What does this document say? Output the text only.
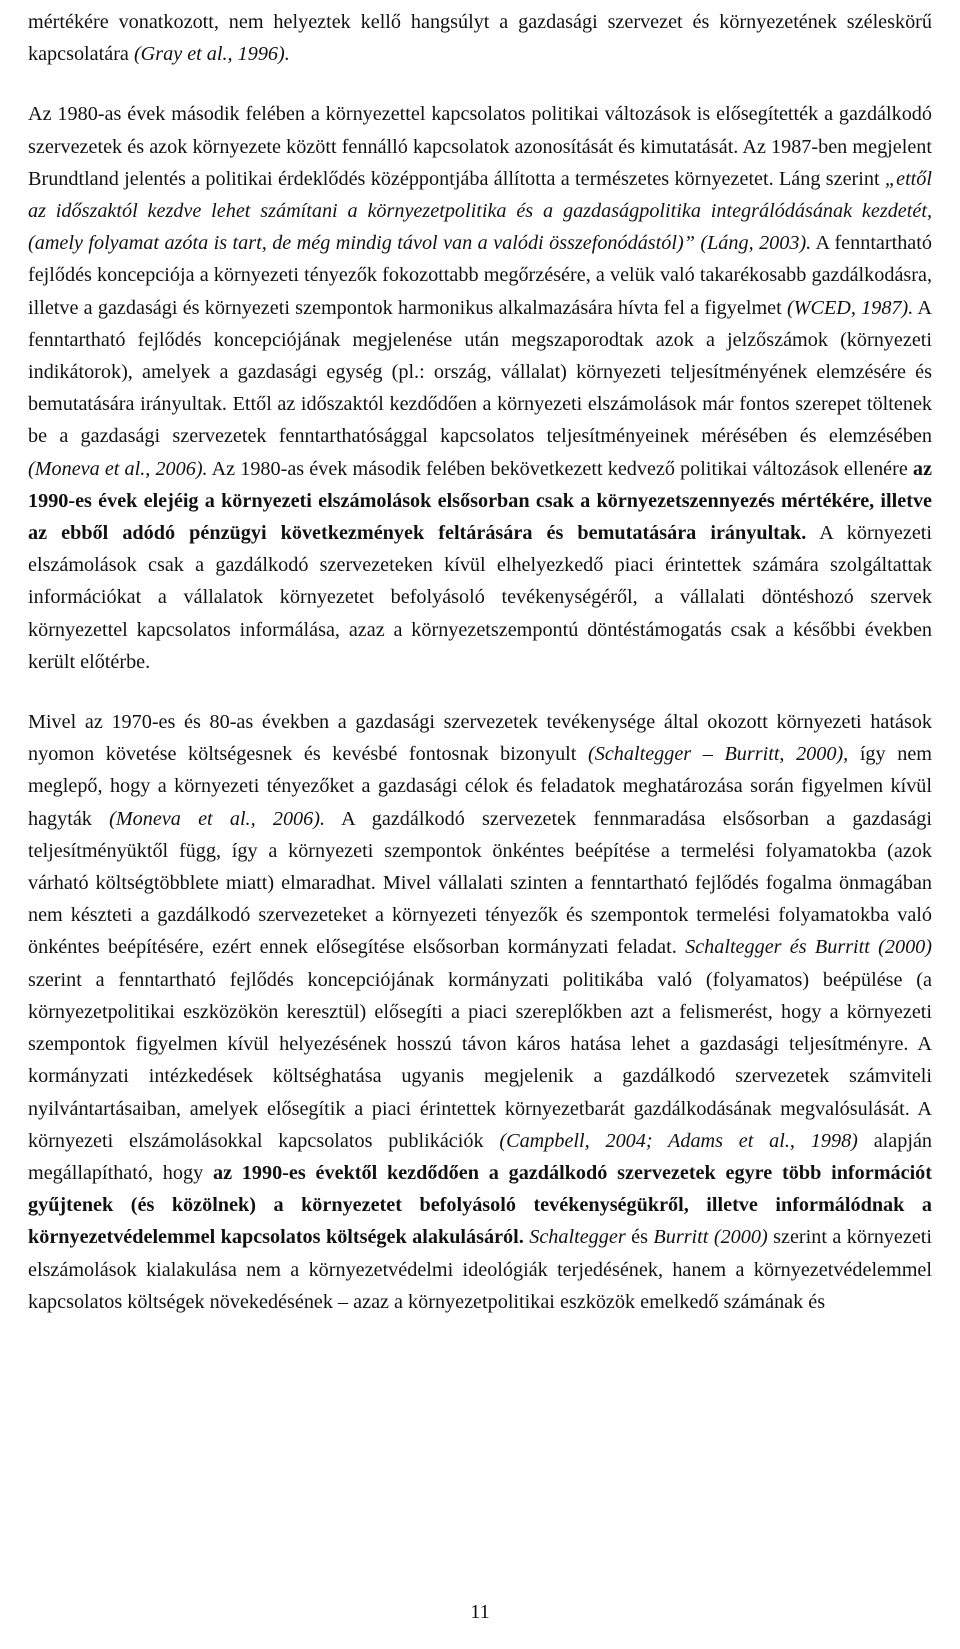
mértékére vonatkozott, nem helyeztek kellő hangsúlyt a gazdasági szervezet és környezetének széleskörű kapcsolatára (Gray et al., 1996).

Az 1980-as évek második felében a környezettel kapcsolatos politikai változások is elősegítették a gazdálkodó szervezetek és azok környezete között fennálló kapcsolatok azonosítását és kimutatását. Az 1987-ben megjelent Brundtland jelentés a politikai érdeklődés középpontjába állította a természetes környezetet. Láng szerint „ettől az időszaktól kezdve lehet számítani a környezetpolitika és a gazdaságpolitika integrálódásának kezdetét, (amely folyamat azóta is tart, de még mindig távol van a valódi összefonódástól)” (Láng, 2003). A fenntartható fejlődés koncepciója a környezeti tényezők fokozottabb megőrzésére, a velük való takarékosabb gazdálkodásra, illetve a gazdasági és környezeti szempontok harmonikus alkalmazására hívta fel a figyelmet (WCED, 1987). A fenntartható fejlődés koncepciójának megjelenése után megszaporodtak azok a jelzőszámok (környezeti indikátorok), amelyek a gazdasági egység (pl.: ország, vállalat) környezeti teljesítményének elemzésére és bemutatására irányultak. Ettől az időszaktól kezdődően a környezeti elszámolások már fontos szerepet töltenek be a gazdasági szervezetek fenntarthatósággal kapcsolatos teljesítményeinek mérésében és elemzésében (Moneva et al., 2006). Az 1980-as évek második felében bekövetkezett kedvező politikai változások ellenére az 1990-es évek elejéig a környezeti elszámolások elsősorban csak a környezetszennyezés mértékére, illetve az ebből adódó pénzügyi következmények feltárására és bemutatására irányultak. A környezeti elszámolások csak a gazdálkodó szervezeteken kívül elhelyezkedő piaci érintettek számára szolgáltattak információkat a vállalatok környezetet befolyásoló tevékenységéről, a vállalati döntéshozó szervek környezettel kapcsolatos informálása, azaz a környezetszempontú döntéstámogatás csak a későbbi években került előtérbe.

Mivel az 1970-es és 80-as években a gazdasági szervezetek tevékenysége által okozott környezeti hatások nyomon követése költségesnek és kevésbé fontosnak bizonyult (Schaltegger – Burritt, 2000), így nem meglepő, hogy a környezeti tényezőket a gazdasági célok és feladatok meghatározása során figyelmen kívül hagyták (Moneva et al., 2006). A gazdálkodó szervezetek fennmaradása elsősorban a gazdasági teljesítményüktől függ, így a környezeti szempontok önkéntes beépítése a termelési folyamatokba (azok várható költségtöbblete miatt) elmaradhat. Mivel vállalati szinten a fenntartható fejlődés fogalma önmagában nem készteti a gazdálkodó szervezeteket a környezeti tényezők és szempontok termelési folyamatokba való önkéntes beépítésére, ezért ennek elősegítése elsősorban kormányzati feladat. Schaltegger és Burritt (2000) szerint a fenntartható fejlődés koncepciójának kormányzati politikába való (folyamatos) beépülése (a környezetpolitikai eszközökön keresztül) elősegíti a piaci szereplőkben azt a felismerést, hogy a környezeti szempontok figyelmen kívül helyezésének hosszú távon káros hatása lehet a gazdasági teljesítményre. A kormányzati intézkedések költséghatása ugyanis megjelenik a gazdálkodó szervezetek számviteli nyilvántartásaiban, amelyek elősegítik a piaci érintettek környezetbarát gazdálkodásának megvalósulását. A környezeti elszámolásokkal kapcsolatos publikációk (Campbell, 2004; Adams et al., 1998) alapján megállapítható, hogy az 1990-es évektől kezdődően a gazdálkodó szervezetek egyre több információt gyűjtenek (és közölnek) a környezetet befolyásoló tevékenységükről, illetve informálódnak a környezetvédelemmel kapcsolatos költségek alakulásáról. Schaltegger és Burritt (2000) szerint a környezeti elszámolások kialakulása nem a környezetvédelmi ideológiák terjedésének, hanem a környezetvédelemmel kapcsolatos költségek növekedésének – azaz a környezetpolitikai eszközök emelkedő számának és

11
